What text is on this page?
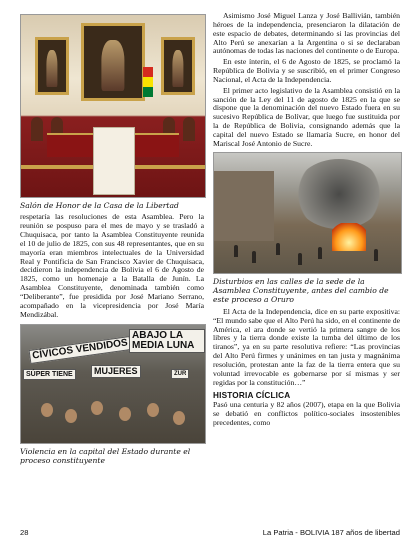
Salón de Honor de la Casa de la Libertad

respetaría las resoluciones de esta Asamblea. Pero la reunión se pospuso para el mes de mayo y se trasladó a Chuquisaca, por tanto la Asamblea Constituyente reunida el 10 de julio de 1825, con sus 48 representantes, que en su mayoría eran miembros intelectuales de la Universidad Real y Pontificia de San Francisco Xavier de Chuquisaca, decidieron la independencia de Bolivia el 6 de Agosto de 1825, como un homenaje a la Batalla de Junín. La Asamblea Constituyente, denominada también como “Deliberante”, fue presidida por José Mariano Serrano, acompañado en la vicepresidencia por José María Mendizábal.

CÍVICOS VENDIDOS
ABAJO LA MEDIA LUNA
MUJERES
SÚPER TIENE	ZUR

Violencia en la capital del Estado durante el proceso constituyente

Asimismo José Miguel Lanza y José Ballivián, también héroes de la independencia, presenciaron la dilatación de este espacio de debates, determinando si las provincias del Alto Perú se anexarían a la Argentina o si se declaraban autónomas de todas las naciones del continente o de Europa.

En este ínterin, el 6 de Agosto de 1825, se proclamó la República de Bolivia y se suscribió, en el primer Congreso Nacional, el Acta de la Independencia.

El primer acto legislativo de la Asamblea consistió en la sanción de la Ley del 11 de agosto de 1825 en la que se dispone que la denominación del nuevo Estado fuera en su sucesivo República de Bolívar, que luego fue sustituida por la de República de Bolivia, consignando además que la capital del nuevo Estado se llamaría Sucre, en honor del Mariscal José Antonio de Sucre.

Disturbios en las calles de la sede de la Asamblea Constituyente, antes del cambio de este proceso a Oruro

El Acta de la Independencia, dice en su parte expositiva: “El mundo sabe que el Alto Perú ha sido, en el continente de América, el ara donde se vertió la primera sangre de los libres y la tierra donde existe la tumba del último de los tiranos”, ya en su parte resolutiva refiere: “Las provincias del Alto Perú firmes y unánimes en tan justa y magnánima resolución, protestan ante la faz de la tierra entera que su voluntad irrevocable es gobernarse por sí mismas y ser regidas por la constitución…”

HISTORIA CÍCLICA

Pasó una centuria y 82 años (2007), etapa en la que Bolivia se debatió en conflictos político-sociales insostenibles precedentes, como

28	La Patria - BOLIVIA 187 años de libertad
